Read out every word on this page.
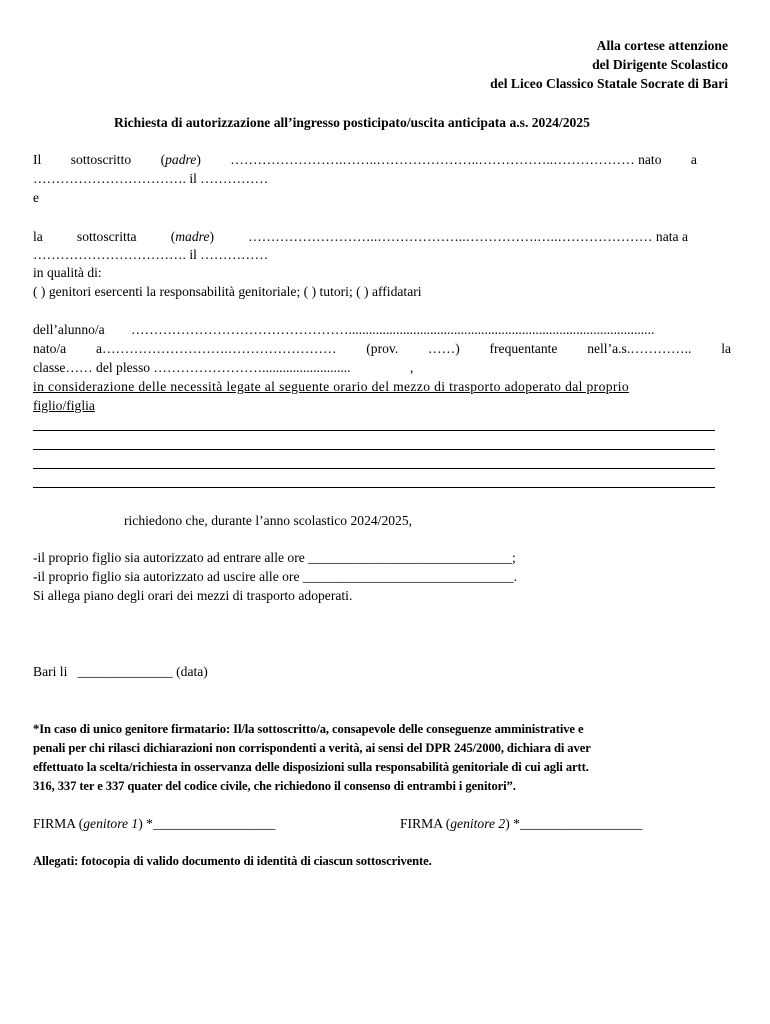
Alla cortese attenzione
del Dirigente Scolastico
del Liceo Classico Statale Socrate di Bari
Richiesta di autorizzazione all’ingresso posticipato/uscita anticipata a.s. 2024/2025
Il sottoscritto (padre) …………………….……..…………………..……………..……………… nato a
……………………………. il ……………
e
la	sottoscritta	(madre)	………………………..………………..…………….…..………………… nata a
……………………………. il ……………
in qualità di:
( ) genitori esercenti la responsabilità genitoriale; ( ) tutori; ( ) affidatari
dell’alunno/a …………………………………………..........................................................................................
nato/a a……………………….…………………… (prov. ……) frequentante nell’a.s.………….. la
classe…… del plesso ……………………..........................	,
in considerazione delle necessità legate al seguente orario del mezzo di trasporto adoperato dal proprio
figlio/figlia
richiedono che, durante l’anno scolastico 2024/2025,
-il proprio figlio sia autorizzato ad entrare alle ore ______________________________;
-il proprio figlio sia autorizzato ad uscire alle ore _______________________________.
Si allega piano degli orari dei mezzi di trasporto adoperati.
Bari li ______________ (data)
*In caso di unico genitore firmatario: Il/la sottoscritto/a, consapevole delle conseguenze amministrative e
penali per chi rilasci dichiarazioni non corrispondenti a verità, ai sensi del DPR 245/2000, dichiara di aver
effettuato la scelta/richiesta in osservanza delle disposizioni sulla responsabilità genitoriale di cui agli artt.
316, 337 ter e 337 quater del codice civile, che richiedono il consenso di entrambi i genitori”.
FIRMA (genitore 1) *__________________	FIRMA (genitore 2) *__________________
Allegati: fotocopia di valido documento di identità di ciascun sottoscrivente.
